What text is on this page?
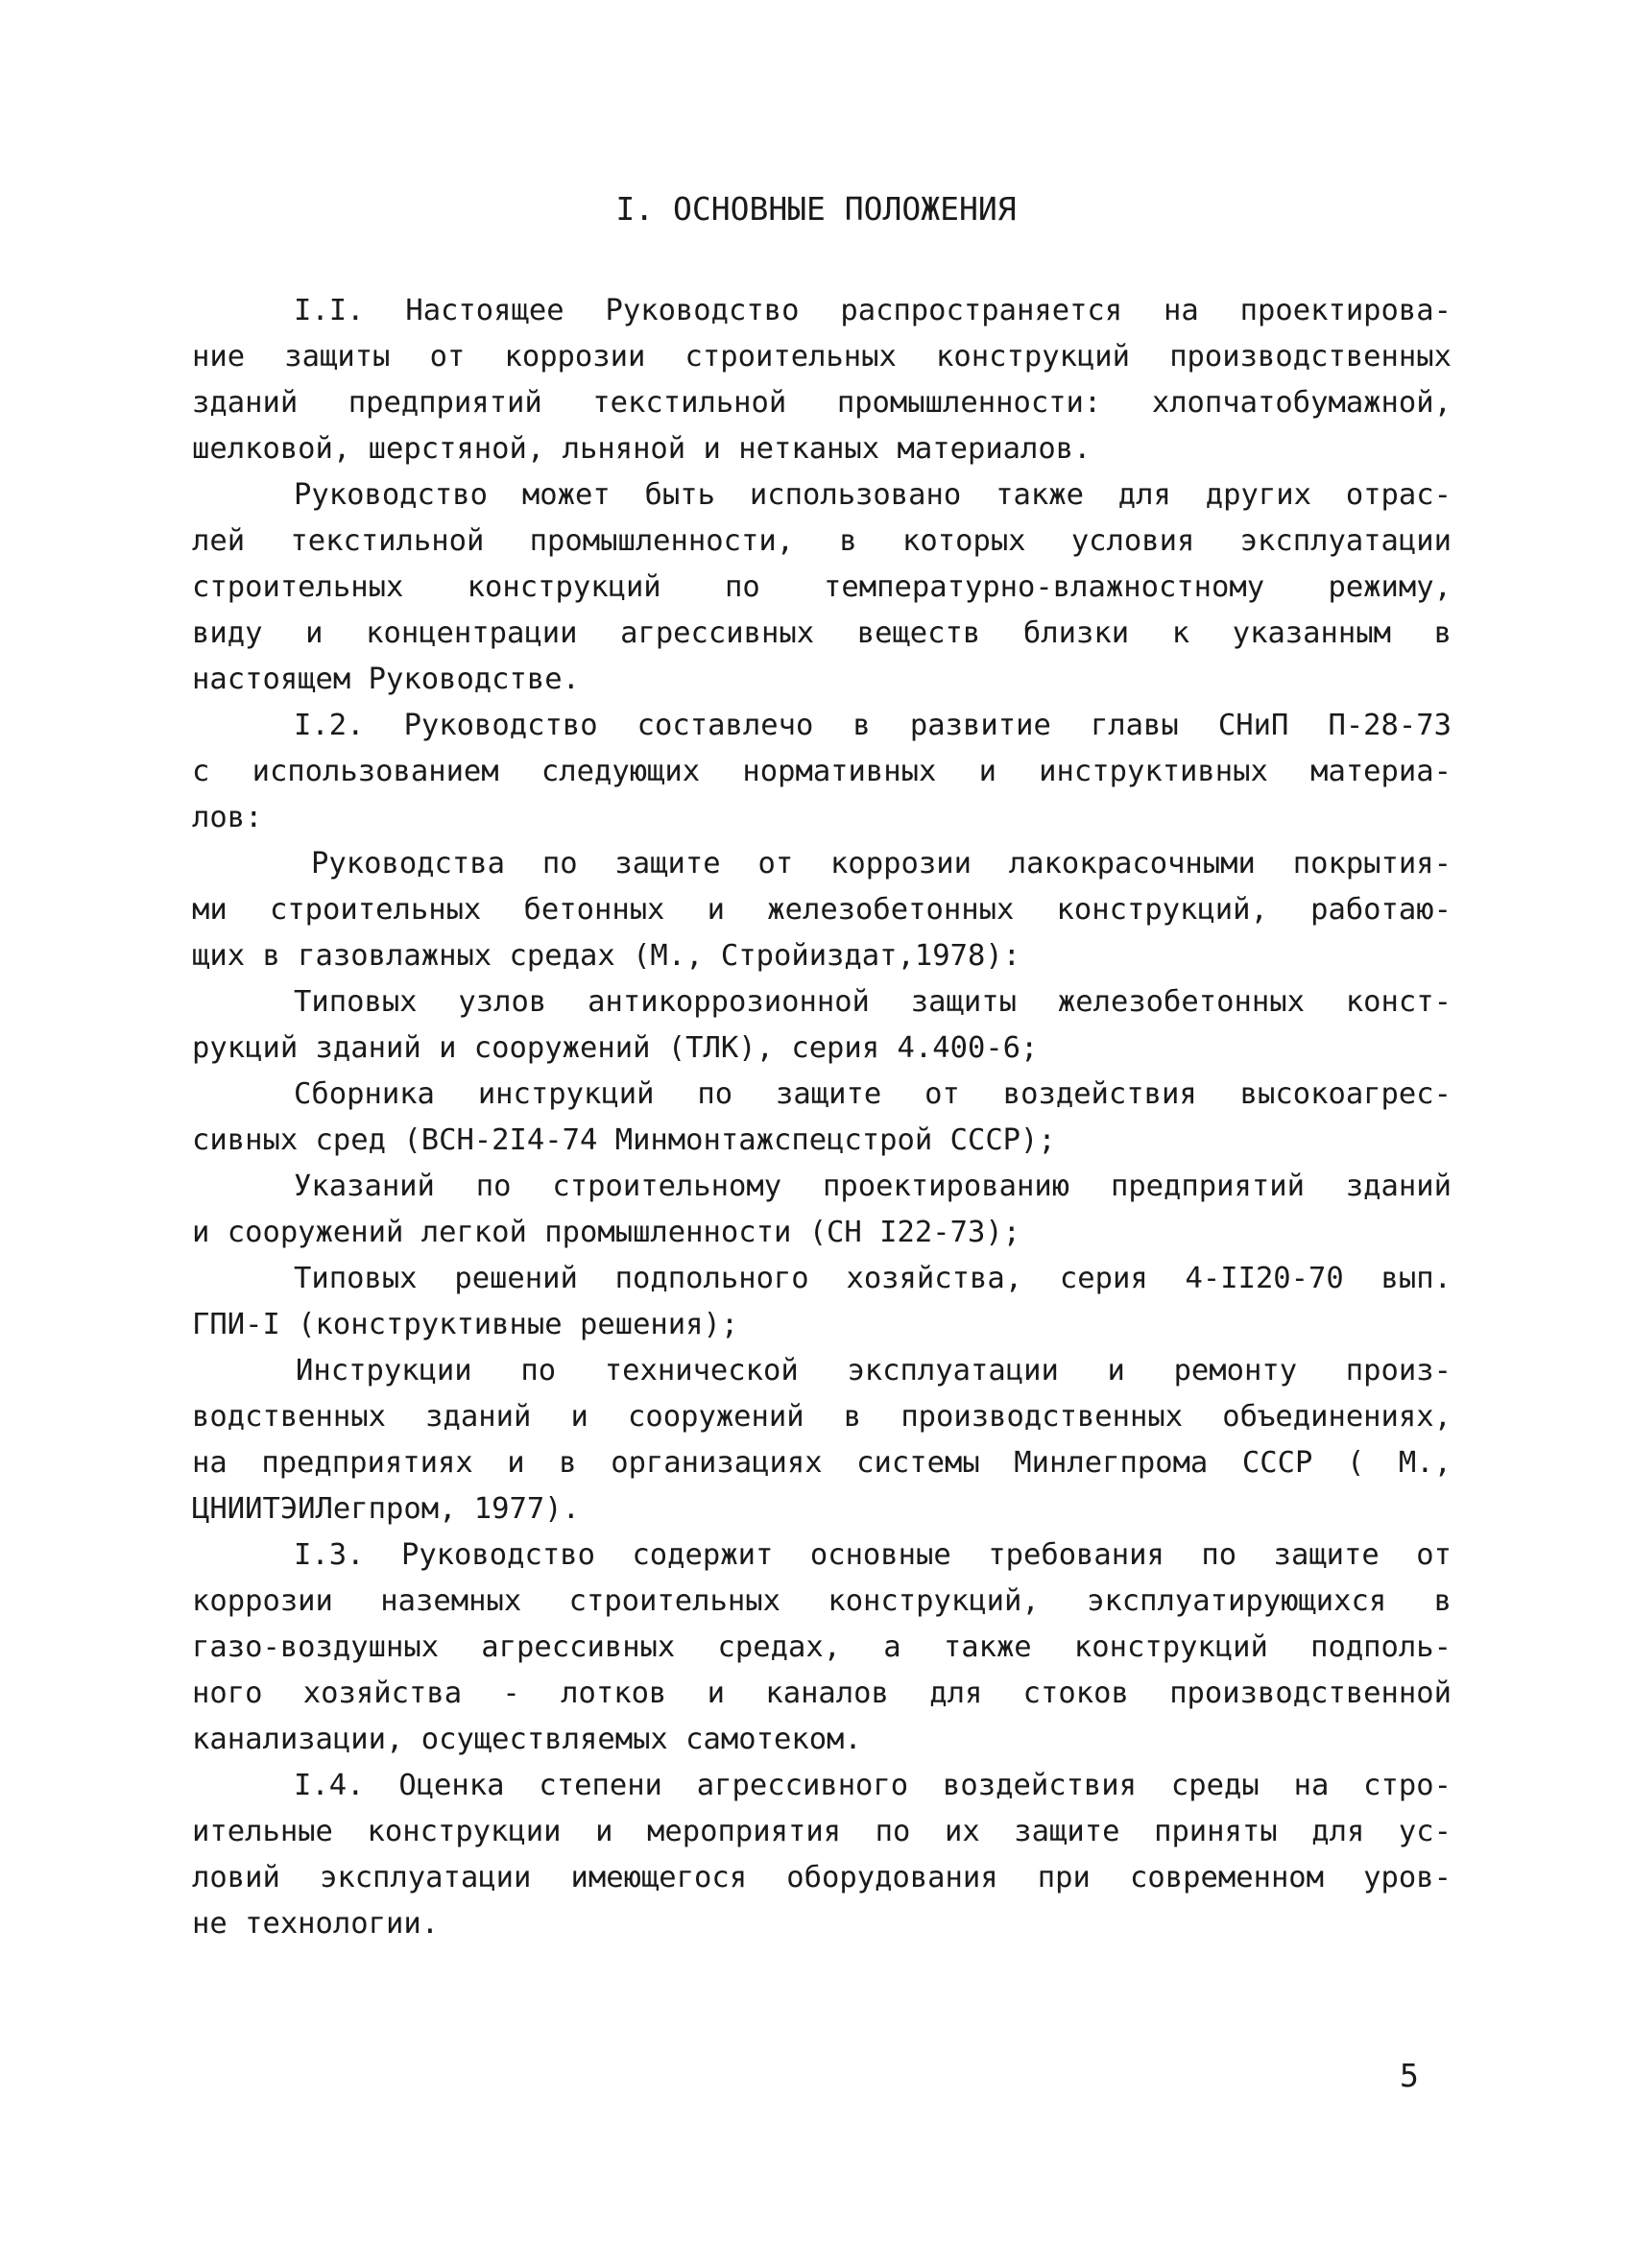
I. ОСНОВНЫЕ ПОЛОЖЕНИЯ
I.I. Настоящее Руководство распространяется на проектирова-
ние защиты от коррозии строительных конструкций производственных
зданий предприятий текстильной промышленности: хлопчатобумажной,
шелковой, шерстяной, льняной и нетканых материалов.
Руководство может быть использовано также для других отрас-
лей текстильной промышленности, в которых условия эксплуатации
строительных конструкций по температурно-влажностному режиму,
виду и концентрации агрессивных веществ близки к указанным в
настоящем Руководстве.
I.2. Руководство составлечо в развитие главы СНиП П-28-73
с использованием следующих нормативных и инструктивных материа-
лов:
Руководства по защите от коррозии лакокрасочными покрытия-
ми строительных бетонных и железобетонных конструкций, работаю-
щих в газовлажных средах (М., Стройиздат,1978):
Типовых узлов антикоррозионной защиты железобетонных конст-
рукций зданий и сооружений (ТЛК), серия 4.400-6;
Сборника инструкций по защите от воздействия высокоагрес-
сивных сред (ВСН-2I4-74 Минмонтажспецстрой СССР);
Указаний по строительному проектированию предприятий зданий
и сооружений легкой промышленности (СН I22-73);
Типовых решений подпольного хозяйства, серия 4-II20-70 вып.
ГПИ-I (конструктивные решения);
Инструкции по технической эксплуатации и ремонту произ-
водственных зданий и сооружений в производственных объединениях,
на предприятиях и в организациях системы Минлегпрома СССР ( М.,
ЦНИИТЭИЛегпром, 1977).
I.3. Руководство содержит основные требования по защите от
коррозии наземных строительных конструкций, эксплуатирующихся в
газо-воздушных агрессивных средах, а также конструкций подполь-
ного хозяйства - лотков и каналов для стоков производственной
канализации, осуществляемых самотеком.
I.4. Оценка степени агрессивного воздействия среды на стро-
ительные конструкции и мероприятия по их защите приняты для ус-
ловий эксплуатации имеющегося оборудования при современном уров-
не технологии.
5
